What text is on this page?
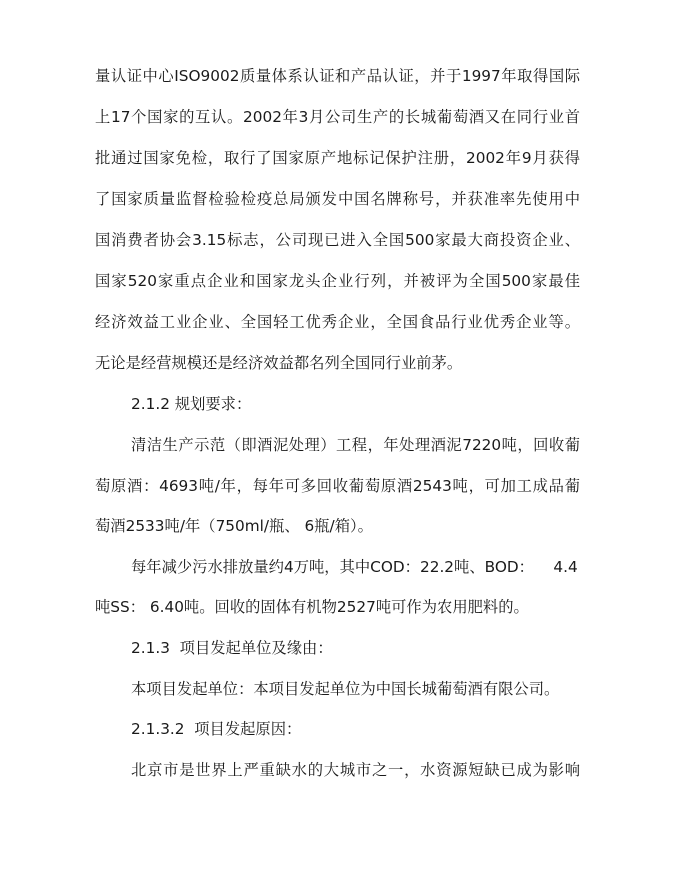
量认证中心ISO9002质量体系认证和产品认证，并于1997年取得国际
上17个国家的互认。2002年3月公司生产的长城葡萄酒又在同行业首
批通过国家免检，取行了国家原产地标记保护注册，2002年9月获得
了国家质量监督检验检疫总局颁发中国名牌称号，并获准率先使用中
国消费者协会3.15标志，公司现已进入全国500家最大商投资企业、
国家520家重点企业和国家龙头企业行列，并被评为全国500家最佳
经济效益工业企业、全国轻工优秀企业，全国食品行业优秀企业等。
无论是经营规模还是经济效益都名列全国同行业前茅。
2.1.2 规划要求：
清洁生产示范（即酒泥处理）工程，年处理酒泥7220吨，回收葡
萄原酒：4693吨/年，每年可多回收葡萄原酒2543吨，可加工成品葡
萄酒2533吨/年（750ml/瓶、 6瓶/箱）。
每年减少污水排放量约4万吨，其中COD：22.2吨、BOD：    4.4
吨SS： 6.40吨。回收的固体有机物2527吨可作为农用肥料的。
2.1.3  项目发起单位及缘由：
本项目发起单位：本项目发起单位为中国长城葡萄酒有限公司。
2.1.3.2  项目发起原因：
北京市是世界上严重缺水的大城市之一，水资源短缺已成为影响
